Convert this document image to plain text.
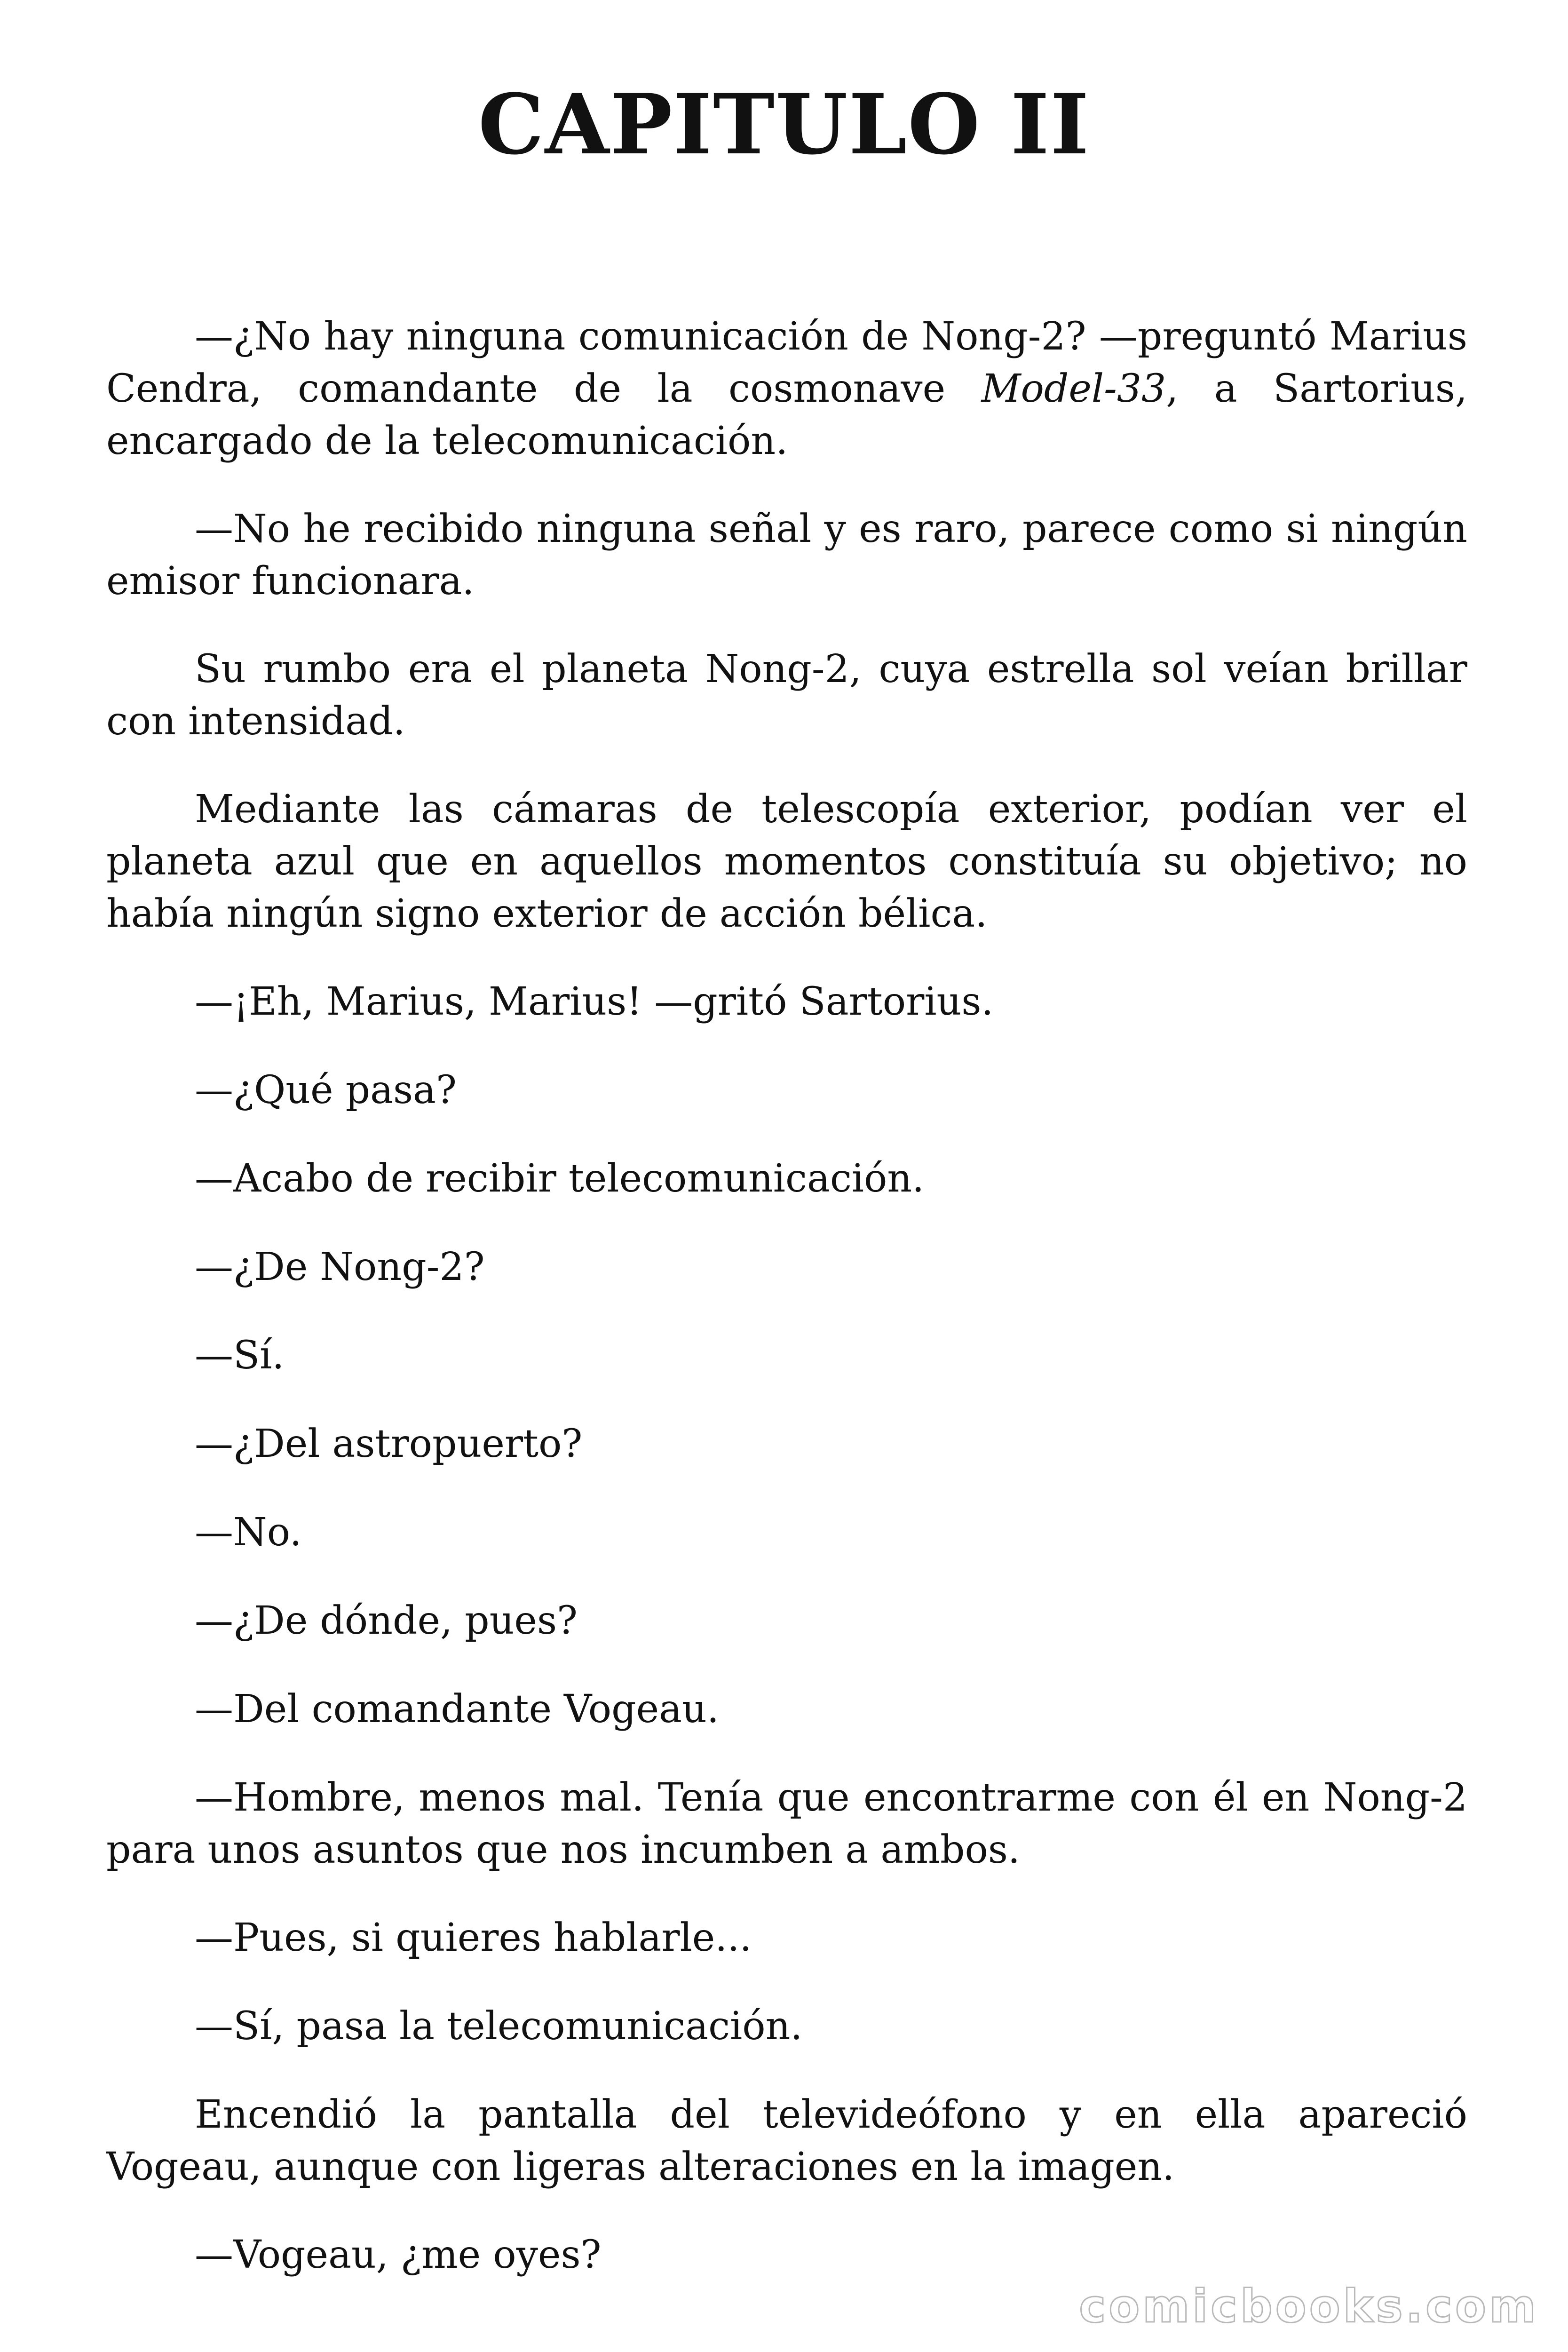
CAPITULO II

—¿No hay ninguna comunicación de Nong-2? —preguntó Marius Cendra, comandante de la cosmonave Model-33, a Sartorius, encargado de la telecomunicación.

—No he recibido ninguna señal y es raro, parece como si ningún emisor funcionara.

Su rumbo era el planeta Nong-2, cuya estrella sol veían brillar con intensidad.

Mediante las cámaras de telescopía exterior, podían ver el planeta azul que en aquellos momentos constituía su objetivo; no había ningún signo exterior de acción bélica.

—¡Eh, Marius, Marius! —gritó Sartorius.

—¿Qué pasa?

—Acabo de recibir telecomunicación.

—¿De Nong-2?

—Sí.

—¿Del astropuerto?

—No.

—¿De dónde, pues?

—Del comandante Vogeau.

—Hombre, menos mal. Tenía que encontrarme con él en Nong-2 para unos asuntos que nos incumben a ambos.

—Pues, si quieres hablarle...

—Sí, pasa la telecomunicación.

Encendió la pantalla del televideófono y en ella apareció Vogeau, aunque con ligeras alteraciones en la imagen.

—Vogeau, ¿me oyes?

comicbooks.com
